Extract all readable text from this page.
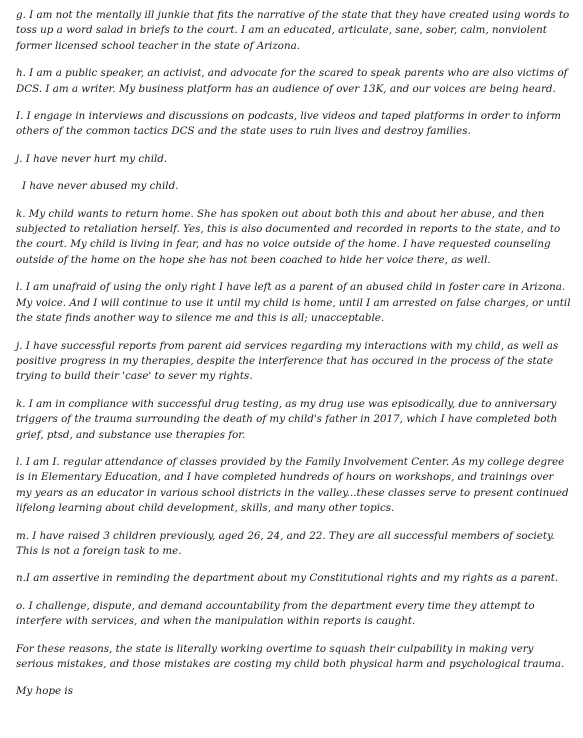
g. I am not the mentally ill junkie that fits the narrative of the state that they have created using words to toss up a word salad in briefs to the court. I am an educated, articulate, sane, sober, calm, nonviolent former licensed school teacher in the state of Arizona.

h. I am a public speaker, an activist, and advocate for the scared to speak parents who are also victims of DCS. I am a writer. My business platform has an audience of over 13K, and our voices are being heard.

I. I engage in interviews and discussions on podcasts, live videos and taped platforms in order to inform others of the common tactics DCS and the state uses to ruin lives and destroy families.

j. I have never hurt my child.

I have never abused my child.

k. My child wants to return home. She has spoken out about both this and about her abuse, and then subjected to retaliation herself. Yes, this is also documented and recorded in reports to the state, and to the court. My child is living in fear, and has no voice outside of the home. I have requested counseling outside of the home on the hope she has not been coached to hide her voice there, as well.

l. I am unafraid of using the only right I have left as a parent of an abused child in foster care in Arizona. My voice. And I will continue to use it until my child is home, until I am arrested on false charges, or until the state finds another way to silence me and this is all; unacceptable.

j. I have successful reports from parent aid services regarding my interactions with my child, as well as positive progress in my therapies, despite the interference that has occured in the process of the state trying to build their 'case' to sever my rights.

k. I am in compliance with successful drug testing, as my drug use was episodically, due to anniversary triggers of the trauma surrounding the death of my child's father in 2017, which I have completed both grief, ptsd, and substance use therapies for.

l. I am I. regular attendance of classes provided by the Family Involvement Center. As my college degree is in Elementary Education, and I have completed hundreds of hours on workshops, and trainings over my years as an educator in various school districts in the valley...these classes serve to present continued lifelong learning about child development, skills, and many other topics.

m. I have raised 3 children previously, aged 26, 24, and 22. They are all successful members of society. This is not a foreign task to me.

n.I am assertive in reminding the department about my Constitutional rights and my rights as a parent.

o. I challenge, dispute, and demand accountability from the department every time they attempt to interfere with services, and when the manipulation within reports is caught.

For these reasons, the state is literally working overtime to squash their culpability in making very serious mistakes, and those mistakes are costing my child both physical harm and psychological trauma.

My hope is
